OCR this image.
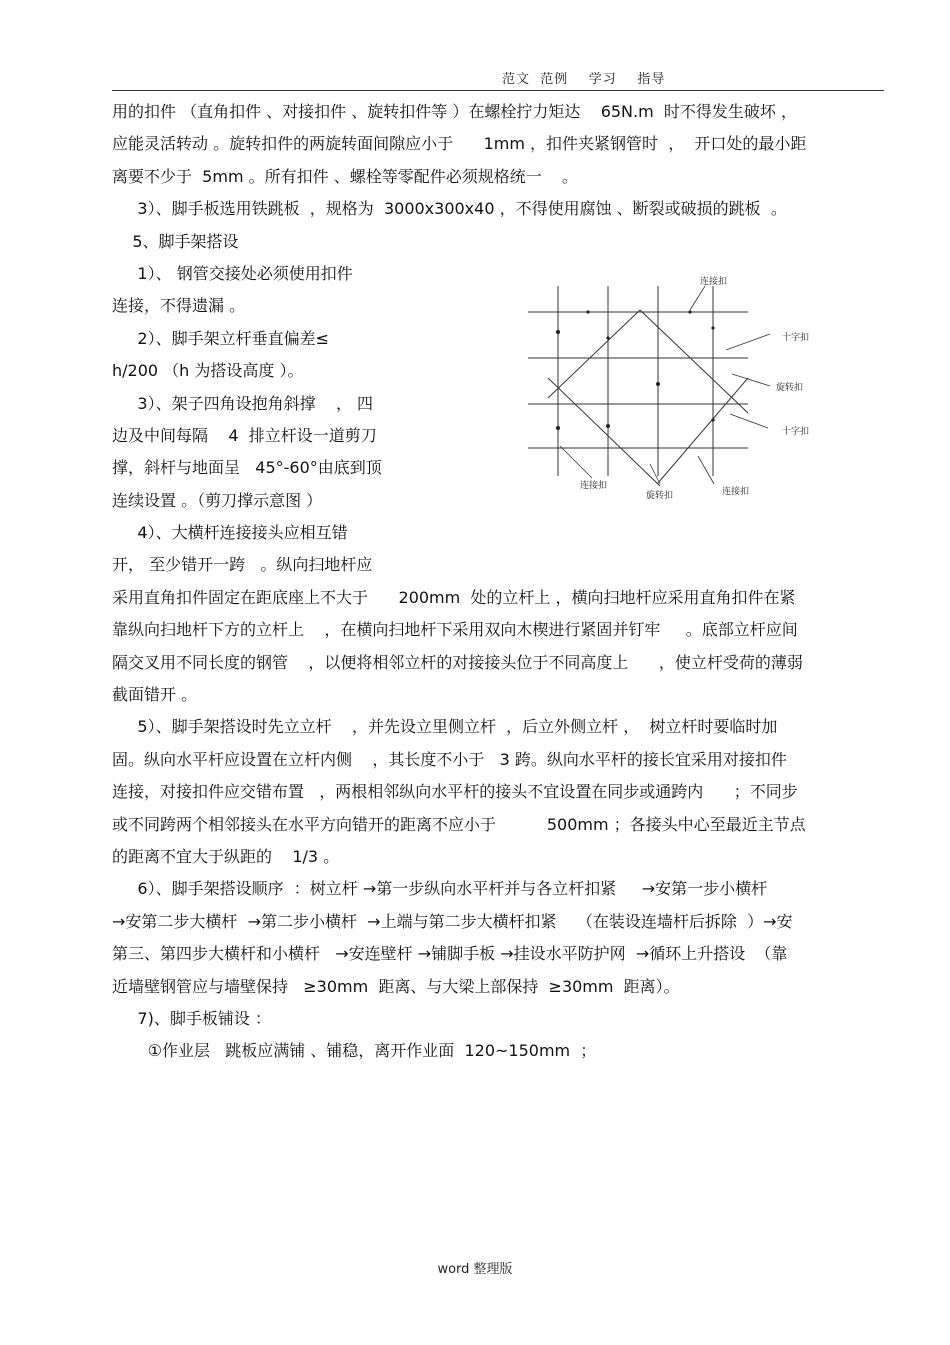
范文  范例    学习    指导
用的扣件 （直角扣件 、对接扣件 、旋转扣件等 ）在螺栓拧力矩达    65N.m  时不得发生破坏 ，
应能灵活转动 。旋转扣件的两旋转面间隙应小于      1mm ，扣件夹紧钢管时  ，  开口处的最小距
离要不少于  5mm 。所有扣件 、螺栓等零配件必须规格统一    。
3）、脚手板选用铁跳板  ，规格为  3000x300x40 ，不得使用腐蚀 、断裂或破损的跳板  。
5、脚手架搭设
1）、 钢管交接处必须使用扣件
连接，不得遗漏 。
2）、脚手架立杆垂直偏差≤
h/200 （h 为搭设高度 ）。
3）、架子四角设抱角斜撑    ， 四
边及中间每隔    4  排立杆设一道剪刀
撑，斜杆与地面呈   45°-60°由底到顶
连续设置 。（剪刀撑示意图 ）
4）、大横杆连接接头应相互错
开， 至少错开一跨   。纵向扫地杆应
采用直角扣件固定在距底座上不大于      200mm  处的立杆上 ，横向扫地杆应采用直角扣件在紧
靠纵向扫地杆下方的立杆上    ，在横向扫地杆下采用双向木楔进行紧固并钉牢     。底部立杆应间
隔交叉用不同长度的钢管    ，以便将相邻立杆的对接接头位于不同高度上      ，使立杆受荷的薄弱
截面错开 。
5）、脚手架搭设时先立立杆    ，并先设立里侧立杆  ，后立外侧立杆 ，  树立杆时要临时加
固。纵向水平杆应设置在立杆内侧    ，其长度不小于   3 跨。纵向水平杆的接长宜采用对接扣件
连接，对接扣件应交错布置   ，两根相邻纵向水平杆的接头不宜设置在同步或通跨内      ；不同步
或不同跨两个相邻接头在水平方向错开的距离不应小于          500mm ；各接头中心至最近主节点
的距离不宜大于纵距的    1/3 。
6）、脚手架搭设顺序  ：树立杆 →第一步纵向水平杆并与各立杆扣紧     →安第一步小横杆
→安第二步大横杆  →第二步小横杆  →上端与第二步大横杆扣紧    （在装设连墙杆后拆除  ）→安
第三、第四步大横杆和小横杆   →安连壁杆 →铺脚手板 →挂设水平防护网  →循环上升搭设  （靠
近墙壁钢管应与墙壁保持   ≥30mm  距离、与大梁上部保持  ≥30mm  距离）。
7)、脚手板铺设 ：
①作业层   跳板应满铺 、铺稳，离开作业面  120~150mm  ；
连接扣
十字扣
旋转扣
十字扣
连接扣
旋转扣	连接扣
word 整理版
